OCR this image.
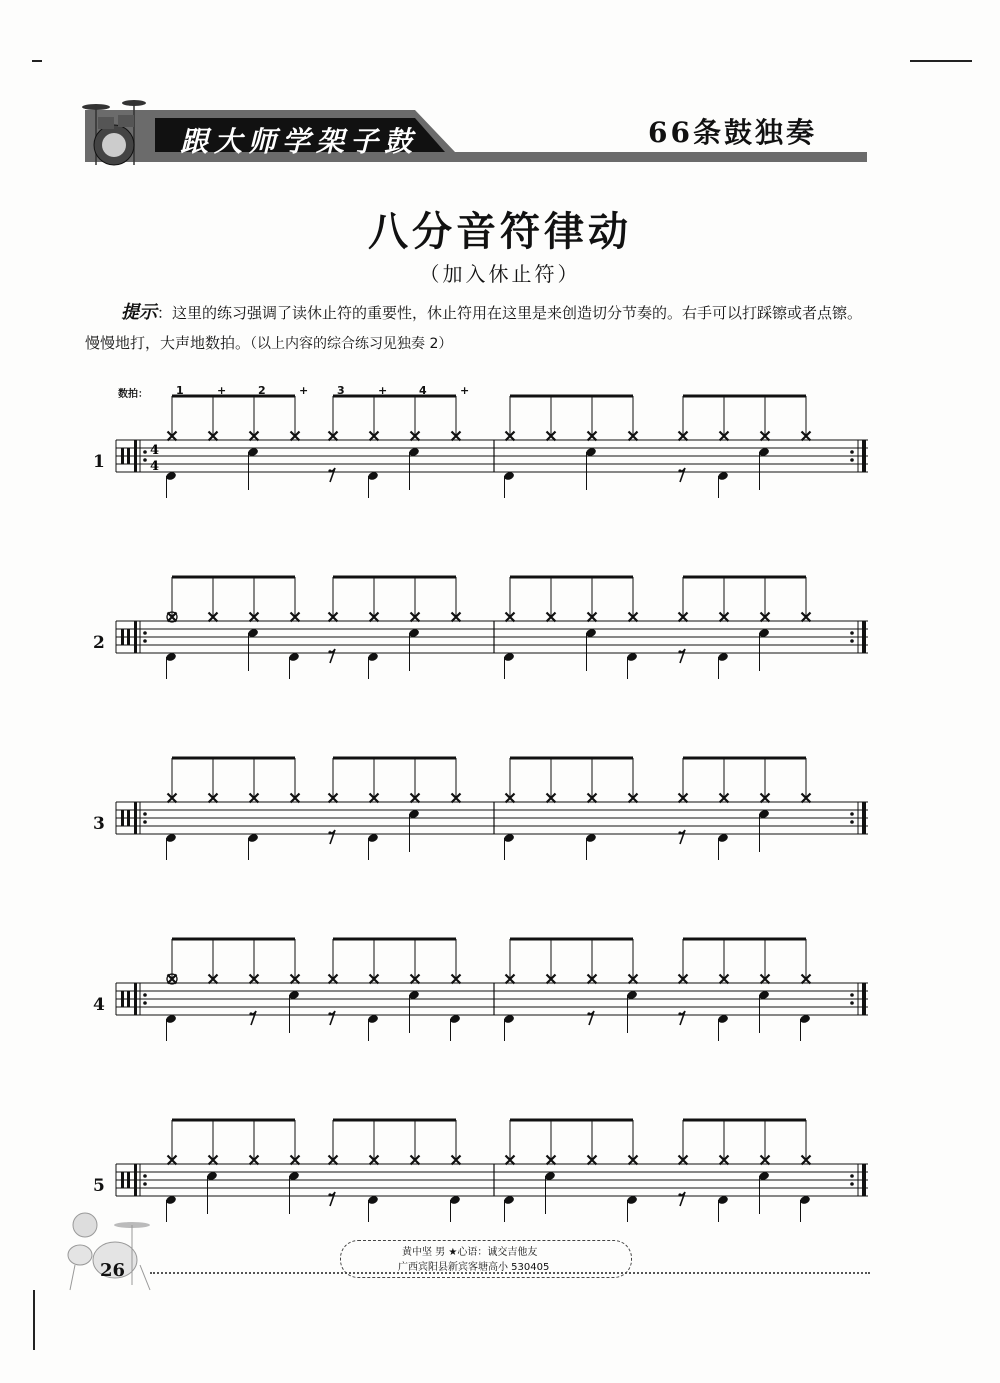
跟大师学架子鼓	66条鼓独奏
八分音符律动
（加入休止符）
提示：这里的练习强调了读休止符的重要性，休止符用在这里是来创造切分节奏的。右手可以打踩镲或者点镲。慢慢地打，大声地数拍。（以上内容的综合练习见独奏 2）
数拍：	1	+	2	+	3	+	4	+
4
4
1
2
3
4
5
26
黄中坚 男 ★心语：诚交吉他友
广西宾阳县新宾客塘高小 530405
